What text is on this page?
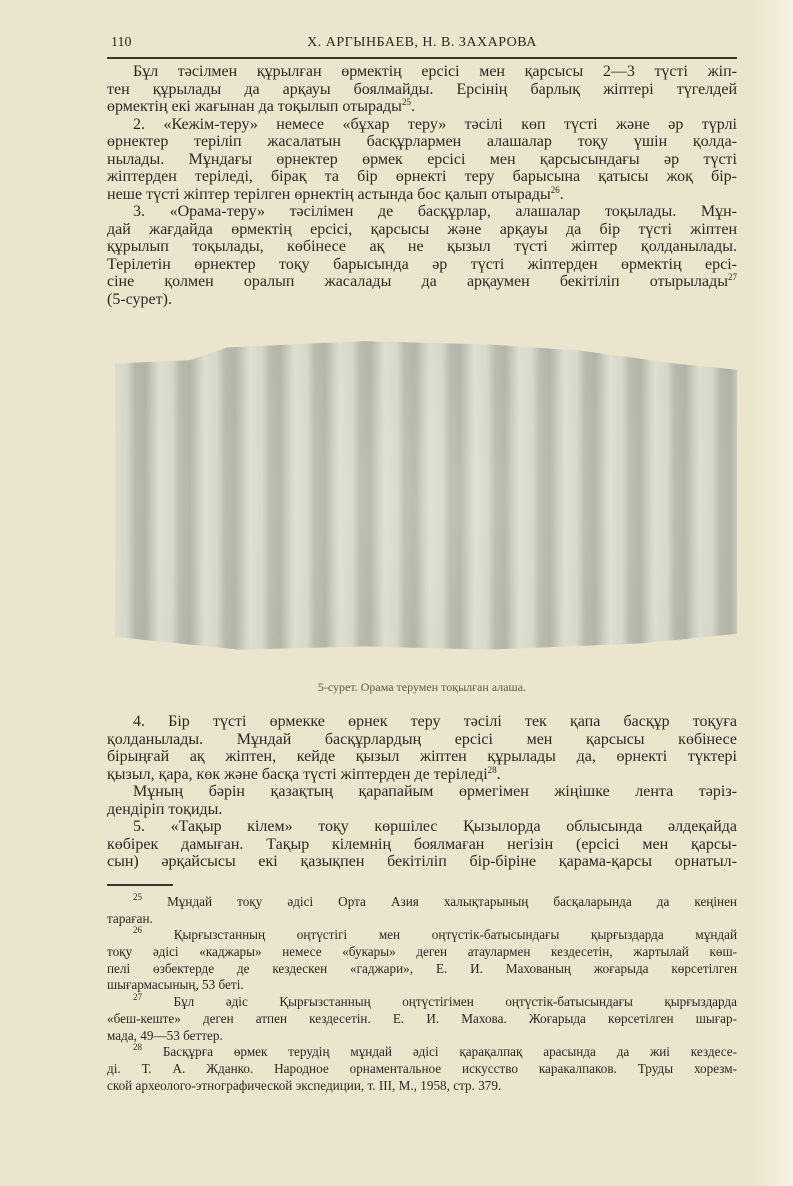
110	Х. АРГЫНБАЕВ, Н. В. ЗАХАРОВА
Бұл тәсілмен құрылған өрмектің ерсісі мен қарсысы 2—3 түсті жіп-
тен құрылады да арқауы боялмайды. Ерсінің барлық жіптері түгелдей
өрмектің екі жағынан да тоқылып отырады$^{25}$.
2. «Кежім-теру» немесе «бұхар теру» тәсілі көп түсті және әр түрлі
өрнектер теріліп жасалатын басқұрлармен алашалар тоқу үшін қолда-
нылады. Мұндағы өрнектер өрмек ерсісі мен қарсысындағы әр түсті
жіптерден теріледі, бірақ та бір өрнекті теру барысына қатысы жоқ бір-
неше түсті жіптер терілген өрнектің астында бос қалып отырады$^{26}$.
3. «Орама-теру» тәсілімен де басқұрлар, алашалар тоқылады. Мұн-
дай жағдайда өрмектің ерсісі, қарсысы және арқауы да бір түсті жіптен
құрылып тоқылады, көбінесе ақ не қызыл түсті жіптер қолданылады.
Терілетін өрнектер тоқу барысында әр түсті жіптерден өрмектің ерсі-
сіне қолмен оралып жасалады да арқаумен бекітіліп отырылады$^{27}$
(5-сурет).
5-сурет. Орама терумен тоқылған алаша.
4. Бір түсті өрмекке өрнек теру тәсілі тек қапа басқұр тоқуға
қолданылады. Мұндай басқұрлардың ерсісі мен қарсысы көбінесе
бірыңғай ақ жіптен, кейде қызыл жіптен құрылады да, өрнекті түктері
қызыл, қара, көк және басқа түсті жіптерден де теріледі$^{28}$.
Мұның бәрін қазақтың қарапайым өрмегімен жіңішке лента тәріз-
дендіріп тоқиды.
5. «Тақыр кілем» тоқу көршілес Қызылорда облысында әлдеқайда
көбірек дамыған. Тақыр кілемнің боялмаған негізін (ерсісі мен қарсы-
сын) әрқайсысы екі қазықпен бекітіліп бір-біріне қарама-қарсы орнатыл-
$^{25}$ Мұндай тоқу әдісі Орта Азия халықтарының басқаларында да кеңінен
тараған.
$^{26}$ Қырғызстанның оңтүстігі мен оңтүстік-батысындағы қырғыздарда мұндай
тоқу әдісі «каджары» немесе «букары» деген атаулармен кездесетін, жартылай көш-
пелі өзбектерде де кездескен «гаджари», Е. И. Махованың жоғарыда көрсетілген
шығармасының, 53 беті.
$^{27}$ Бұл әдіс Қырғызстанның оңтүстігімен оңтүстік-батысындағы қырғыздарда
«беш-кеште» деген атпен кездесетін. Е. И. Махова. Жоғарыда көрсетілген шығар-
мада, 49—53 беттер.
$^{28}$ Басқұрға өрмек терудің мұндай әдісі қарақалпақ арасында да жиі кездесе-
ді. Т. А. Жданко. Народное орнаментальное искусство каракалпаков. Труды хорезм-
ской археолого-этнографической экспедиции, т. III, М., 1958, стр. 379.
